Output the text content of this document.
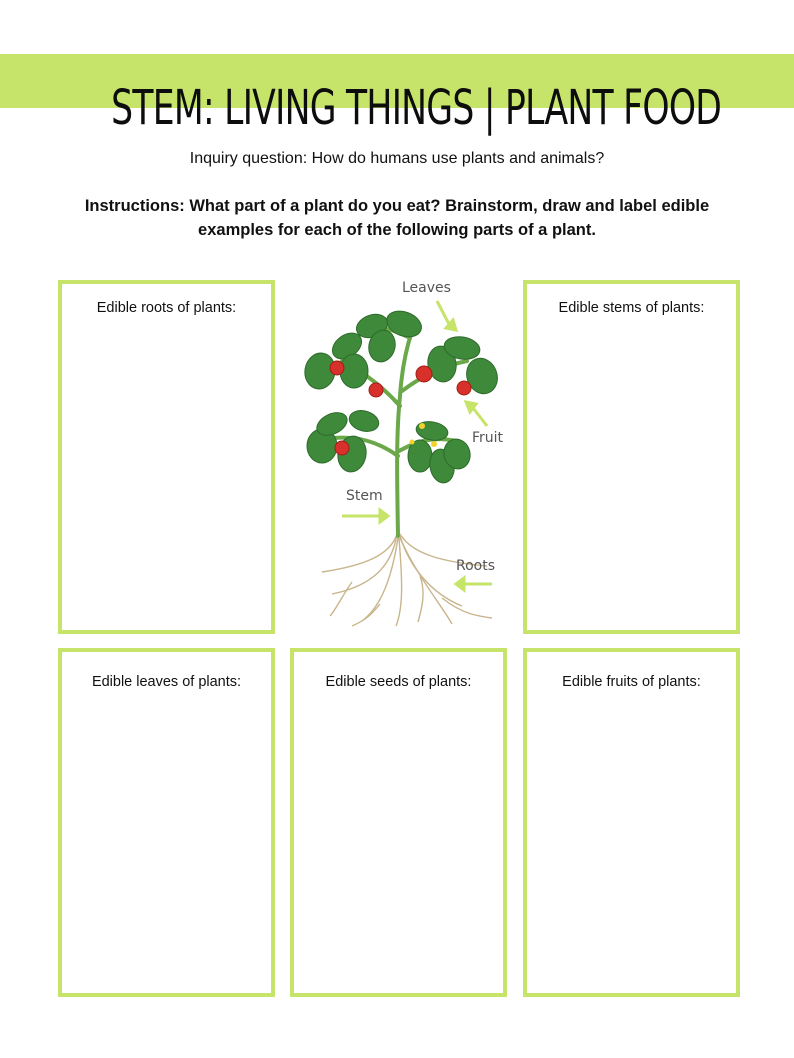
STEM: LIVING THINGS | PLANT FOOD
Inquiry question: How do humans use plants and animals?
Instructions: What part of a plant do you eat? Brainstorm, draw and label edible examples for each of the following parts of a plant.
Edible roots of plants:	Edible stems of plants:
Edible leaves of plants:	Edible seeds of plants:	Edible fruits of plants:
Leaves
Fruit
Stem
Roots
